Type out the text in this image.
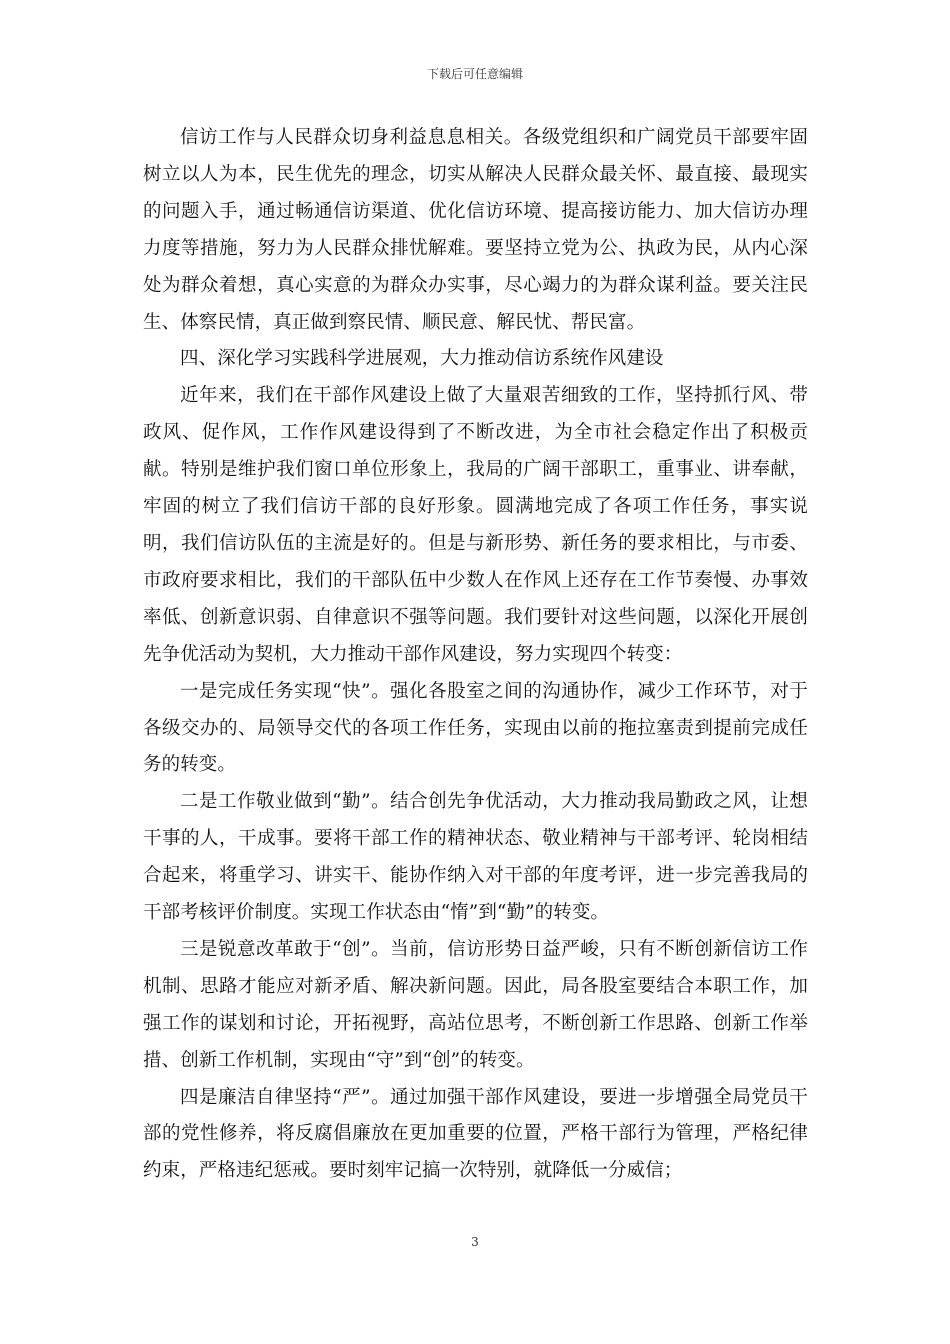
下载后可任意编辑

信访工作与人民群众切身利益息息相关。各级党组织和广阔党员干部要牢固树立以人为本，民生优先的理念，切实从解决人民群众最关怀、最直接、最现实的问题入手，通过畅通信访渠道、优化信访环境、提高接访能力、加大信访办理力度等措施，努力为人民群众排忧解难。要坚持立党为公、执政为民，从内心深处为群众着想，真心实意的为群众办实事，尽心竭力的为群众谋利益。要关注民生、体察民情，真正做到察民情、顺民意、解民忧、帮民富。

四、深化学习实践科学进展观，大力推动信访系统作风建设

近年来，我们在干部作风建设上做了大量艰苦细致的工作，坚持抓行风、带政风、促作风，工作作风建设得到了不断改进，为全市社会稳定作出了积极贡献。特别是维护我们窗口单位形象上，我局的广阔干部职工，重事业、讲奉献，牢固的树立了我们信访干部的良好形象。圆满地完成了各项工作任务，事实说明，我们信访队伍的主流是好的。但是与新形势、新任务的要求相比，与市委、市政府要求相比，我们的干部队伍中少数人在作风上还存在工作节奏慢、办事效率低、创新意识弱、自律意识不强等问题。我们要针对这些问题，以深化开展创先争优活动为契机，大力推动干部作风建设，努力实现四个转变：

一是完成任务实现“快”。强化各股室之间的沟通协作，减少工作环节，对于各级交办的、局领导交代的各项工作任务，实现由以前的拖拉塞责到提前完成任务的转变。

二是工作敬业做到“勤”。结合创先争优活动，大力推动我局勤政之风，让想干事的人，干成事。要将干部工作的精神状态、敬业精神与干部考评、轮岗相结合起来，将重学习、讲实干、能协作纳入对干部的年度考评，进一步完善我局的干部考核评价制度。实现工作状态由“惰”到“勤”的转变。

三是锐意改革敢于“创”。当前，信访形势日益严峻，只有不断创新信访工作机制、思路才能应对新矛盾、解决新问题。因此，局各股室要结合本职工作，加强工作的谋划和讨论，开拓视野，高站位思考，不断创新工作思路、创新工作举措、创新工作机制，实现由“守”到“创”的转变。

四是廉洁自律坚持“严”。通过加强干部作风建设，要进一步增强全局党员干部的党性修养，将反腐倡廉放在更加重要的位置，严格干部行为管理，严格纪律约束，严格违纪惩戒。要时刻牢记搞一次特别，就降低一分威信；

3
